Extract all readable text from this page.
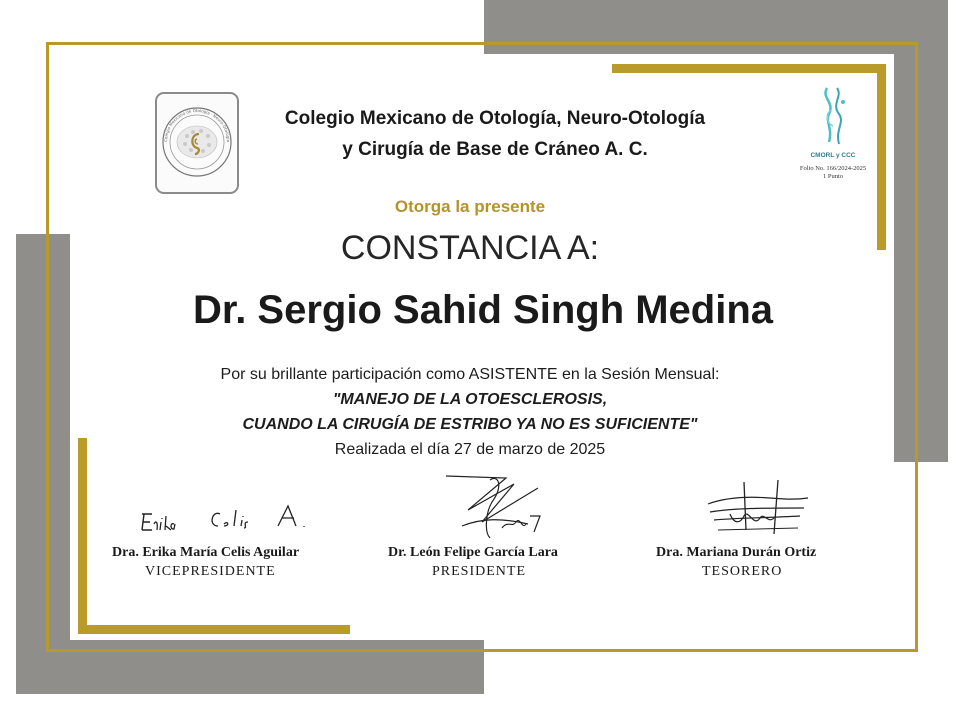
Colegio Mexicano de Otología · Neuro-Otología
Colegio Mexicano de Otología, Neuro-Otología
y Cirugía de Base de Cráneo A. C.	CMORL y CCC
Folio No. 166/2024-2025
1 Punto
Otorga la presente
CONSTANCIA A:
Dr. Sergio Sahid Singh Medina
Por su brillante participación como ASISTENTE en la Sesión Mensual:
"MANEJO DE LA OTOESCLEROSIS,
CUANDO LA CIRUGÍA DE ESTRIBO YA NO ES SUFICIENTE"
Realizada el día 27 de marzo de 2025
Dra. Erika María Celis Aguilar
VICEPRESIDENTE
Dr. León Felipe García Lara
PRESIDENTE
Dra. Mariana Durán Ortiz
TESORERO
